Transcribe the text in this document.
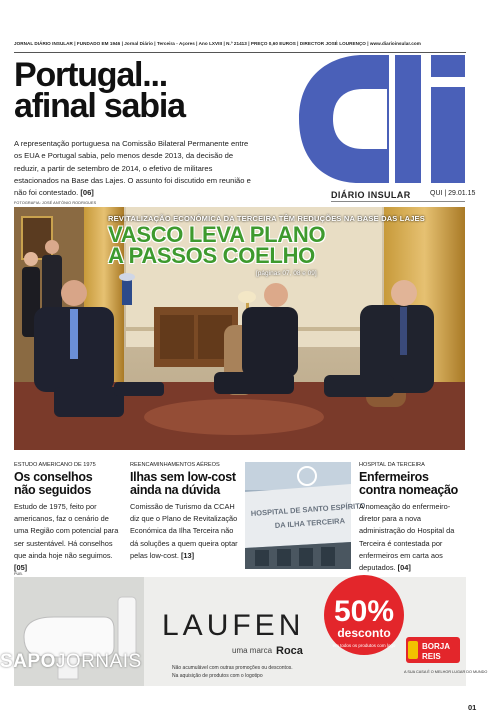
JORNAL DIÁRIO INSULAR | FUNDADO EM 1946 | Jornal Diário | Terceira - Açores | Ano LXVIII | N.º 21413 | PREÇO 0,60 EUROS | DIRECTOR JOSÉ LOURENÇO | www.diarioinsular.com
Portugal...
afinal sabia
A representação portuguesa na Comissão Bilateral Permanente entre os EUA e Portugal sabia, pelo menos desde 2013, da decisão de reduzir, a partir de setembro de 2014, o efetivo de militares estacionados na Base das Lajes. O assunto foi discutido em reunião e não foi contestado. [06]
di
DIÁRIO INSULAR	QUI | 29.01.15
FOTOGRAFIA: JOSÉ ANTÓNIO RODRIGUES
REVITALIZAÇÃO ECONÓMICA DA TERCEIRA TÊM REDUÇÕES NA BASE DAS LAJES
VASCO LEVA PLANO
A PASSOS COELHO
[páginas 07, 08 e 09]
ESTUDO AMERICANO DE 1975
Os conselhos
não seguidos
Estudo de 1975, feito por americanos, faz o cenário de uma Região com potencial para ser sustentável. Há conselhos que ainda hoje não seguimos. [05]
REENCAMINHAMENTOS AÉREOS
Ilhas sem low-cost
ainda na dúvida
Comissão de Turismo da CCAH diz que o Plano de Revitalização Económica da Ilha Terceira não dá soluções a quem queira optar pelas low-cost. [13]
HOSPITAL DE SANTO ESPÍRITO
DA ILHA TERCEIRA
HOSPITAL DA TERCEIRA
Enfermeiros
contra nomeação
A nomeação do enfermeiro-diretor para a nova administração do Hospital da Terceira é contestada por enfermeiros em carta aos deputados. [04]
PUB.
LAUFEN
uma marca Roca
Não acumulável com outras promoções ou descontos.
Na aquisição de produtos com o logotipo
50%
desconto
em todos os produtos com logo	BORJA
REIS
A SUA CASA É O MELHOR LUGAR DO MUNDO
SAPOJORNAIS
01
